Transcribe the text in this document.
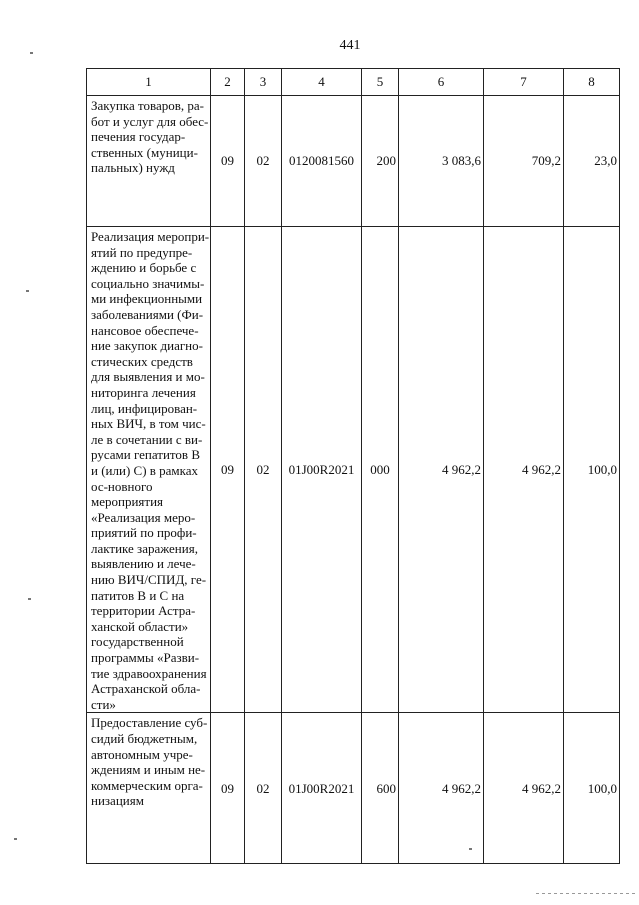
441
1	2	3	4	5	6	7	8
Закупка товаров, ра-бот и услуг для обес-печения государ-ственных (муници-пальных) нужд	09	02	0120081560	200	3 083,6	709,2	23,0
Реализация меропри-ятий по предупре-ждению и борьбе с социально значимы-ми инфекционными заболеваниями (Фи-нансовое обеспече-ние закупок диагно-стических средств для выявления и мо-ниторинга лечения лиц, инфицирован-ных ВИЧ, в том чис-ле в сочетании с ви-русами гепатитов В и (или) С) в рамках ос-новного мероприятия «Реализация меро-приятий по профи-лактике заражения, выявлению и лече-нию ВИЧ/СПИД, ге-патитов В и С на территории Астра-ханской области» государственной программы «Разви-тие здравоохранения Астраханской обла-сти»	09	02	01J00R2021	000	4 962,2	4 962,2	100,0
Предоставление суб-сидий бюджетным, автономным учре-ждениям и иным не-коммерческим орга-низациям	09	02	01J00R2021	600	4 962,2	4 962,2	100,0
